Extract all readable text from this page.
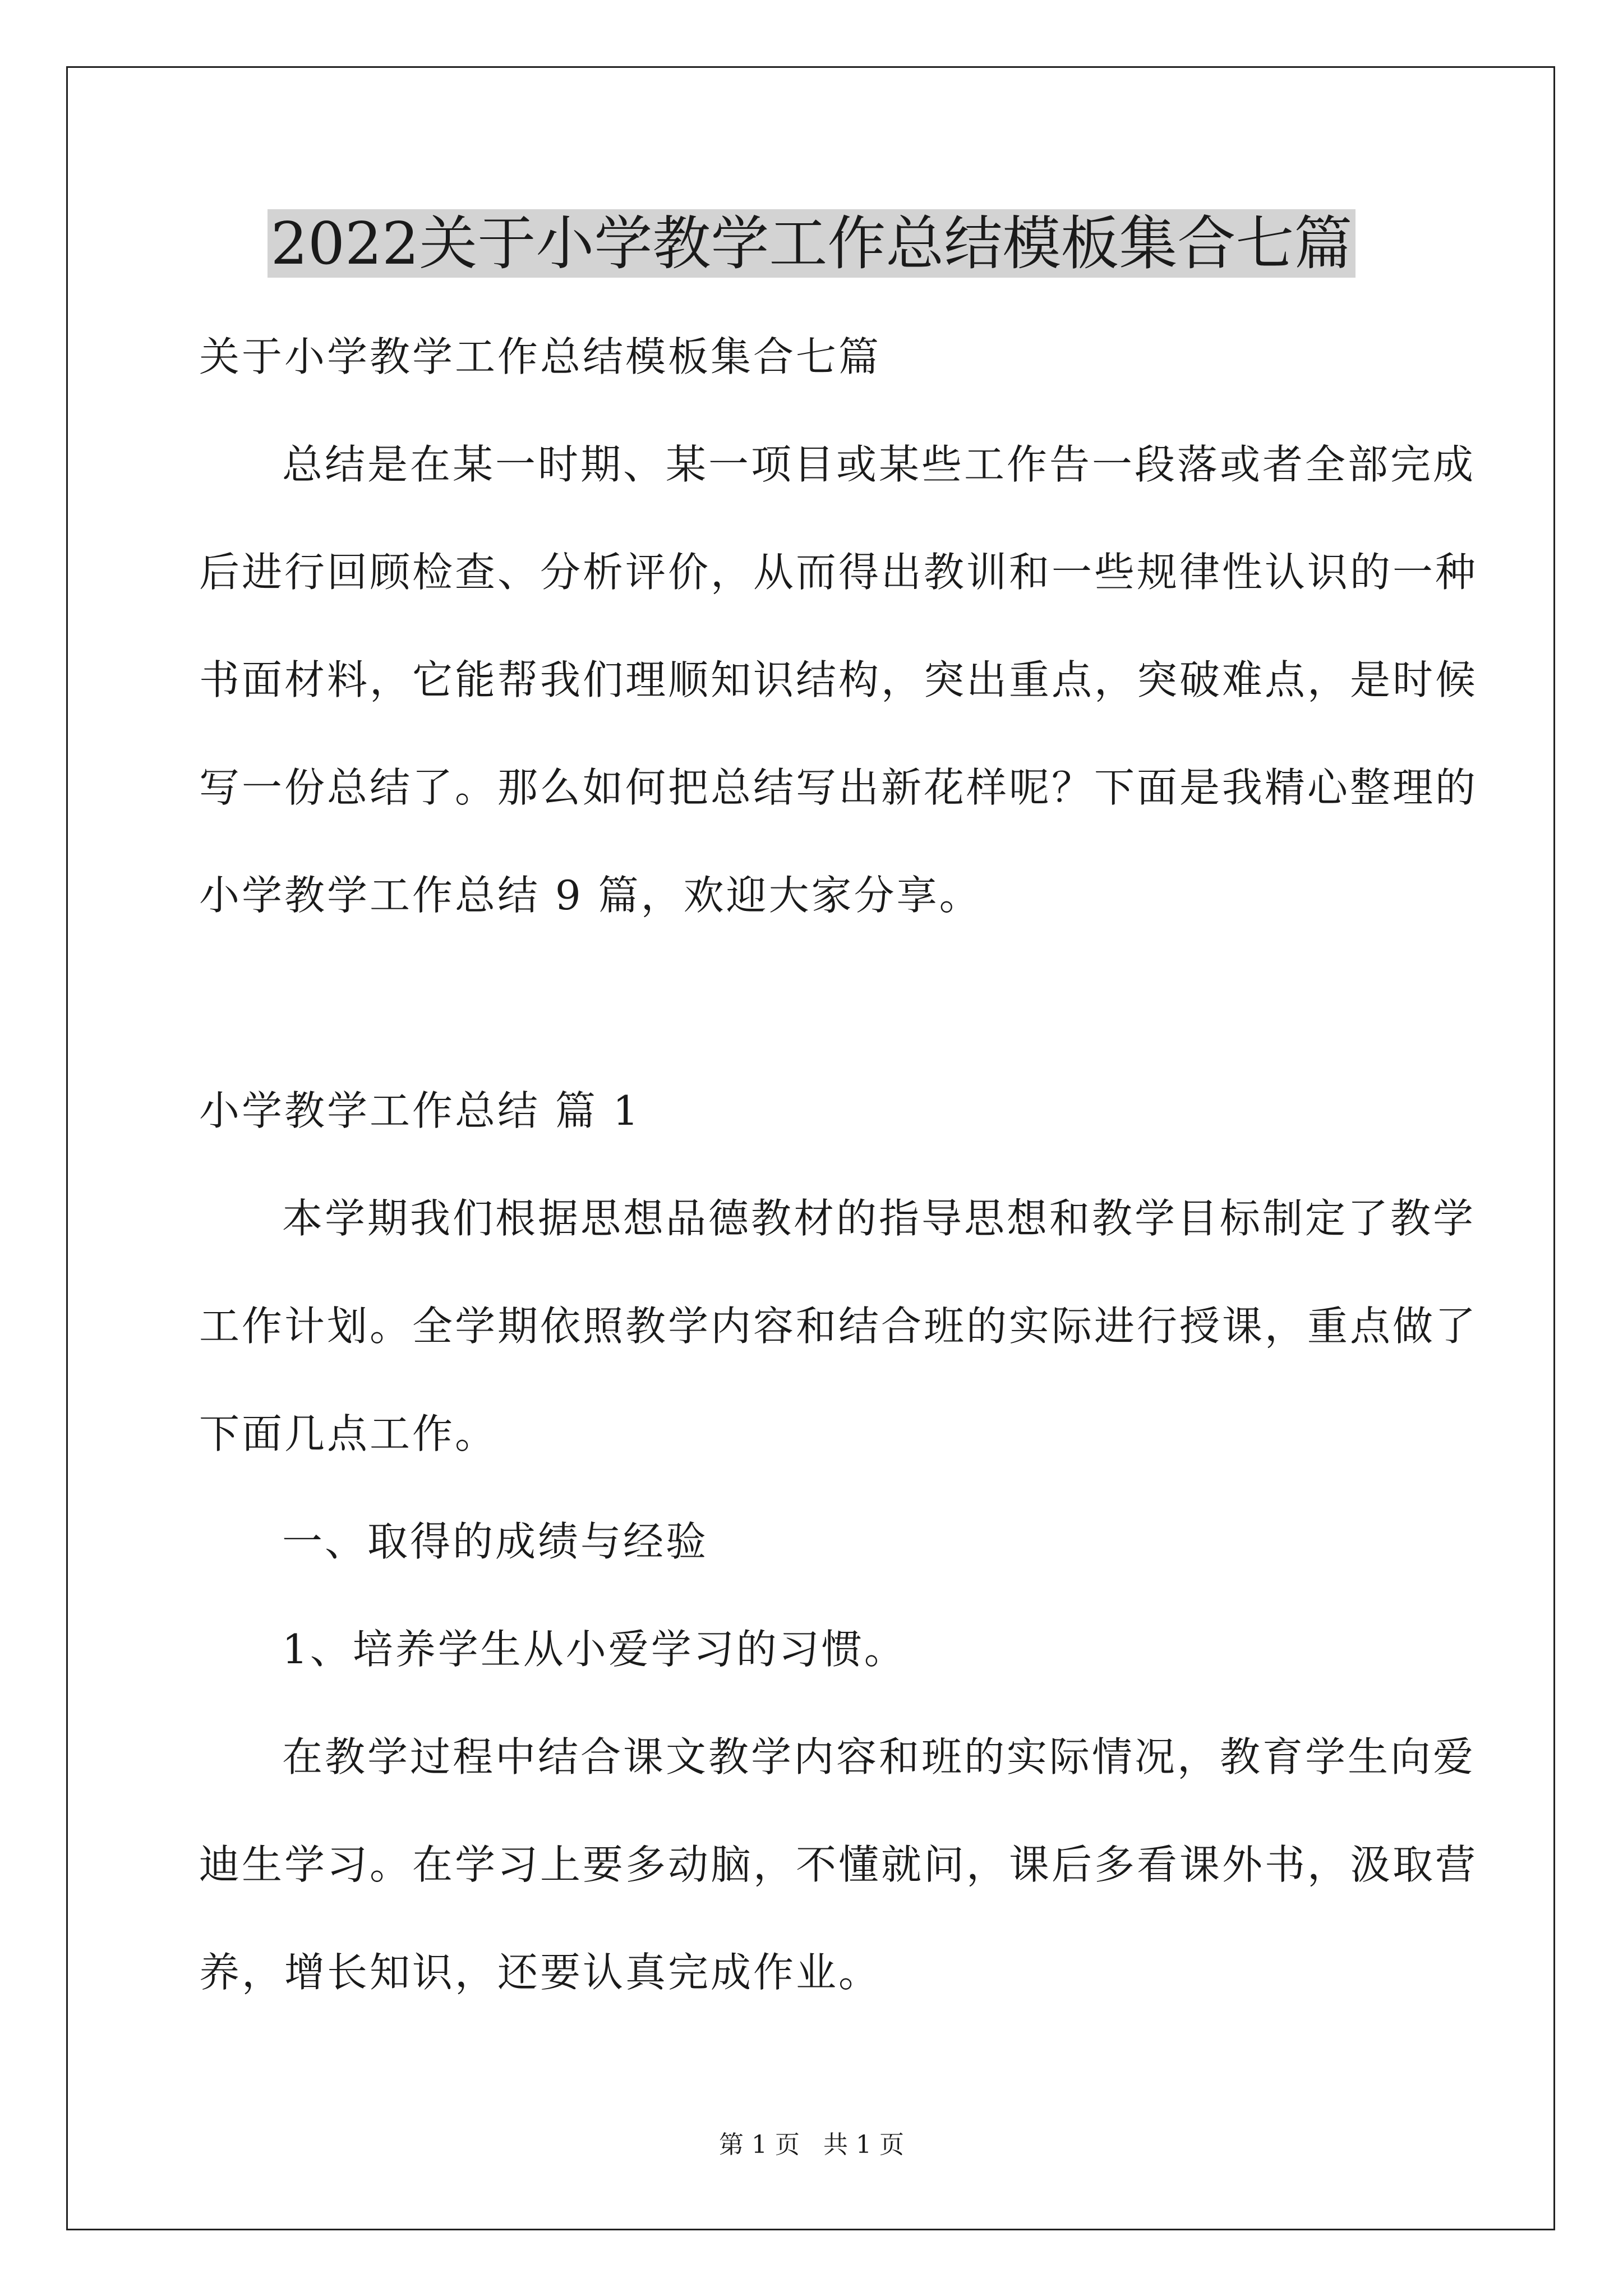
2022关于小学教学工作总结模板集合七篇
关于小学教学工作总结模板集合七篇
总结是在某一时期、某一项目或某些工作告一段落或者全部完成
后进行回顾检查、分析评价，从而得出教训和一些规律性认识的一种
书面材料，它能帮我们理顺知识结构，突出重点，突破难点，是时候
写一份总结了。那么如何把总结写出新花样呢？下面是我精心整理的
小学教学工作总结 9 篇，欢迎大家分享。
小学教学工作总结 篇 1
本学期我们根据思想品德教材的指导思想和教学目标制定了教学
工作计划。全学期依照教学内容和结合班的实际进行授课，重点做了
下面几点工作。
一、取得的成绩与经验
1、培养学生从小爱学习的习惯。
在教学过程中结合课文教学内容和班的实际情况，教育学生向爱
迪生学习。在学习上要多动脑，不懂就问，课后多看课外书，汲取营
养，增长知识，还要认真完成作业。
第 1 页   共 1 页
